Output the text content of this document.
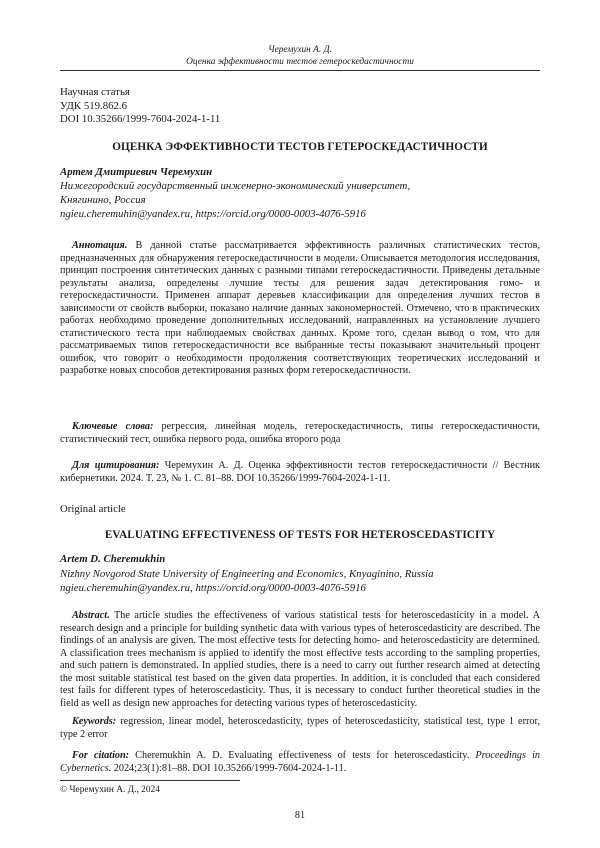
Черемухин А. Д.
Оценка эффективности тестов гетероскедастичности
Научная статья
УДК 519.862.6
DOI 10.35266/1999-7604-2024-1-11
ОЦЕНКА ЭФФЕКТИВНОСТИ ТЕСТОВ ГЕТЕРОСКЕДАСТИЧНОСТИ
Артем Дмитриевич Черемухин
Нижегородский государственный инженерно-экономический университет,
Княгинино, Россия
ngieu.cheremuhin@yandex.ru, https://orcid.org/0000-0003-4076-5916
Аннотация. В данной статье рассматривается эффективность различных статистических тестов, предназначенных для обнаружения гетероскедастичности в модели. Описывается методология исследования, принцип построения синтетических данных с разными типами гетероскедастичности. Приведены детальные результаты анализа, определены лучшие тесты для решения задач детектирования гомо- и гетероскедастичности. Применен аппарат деревьев классификации для определения лучших тестов в зависимости от свойств выборки, показано наличие данных закономерностей. Отмечено, что в практических работах необходимо проведение дополнительных исследований, направленных на установление лучшего статистического теста при наблюдаемых свойствах данных. Кроме того, сделан вывод о том, что для рассматриваемых типов гетероскедастичности все выбранные тесты показывают значительный процент ошибок, что говорит о необходимости продолжения соответствующих теоретических исследований и разработке новых способов детектирования разных форм гетероскедастичности.
Ключевые слова: регрессия, линейная модель, гетероскедастичность, типы гетероскедастичности, статистический тест, ошибка первого рода, ошибка второго рода
Для цитирования: Черемухин А. Д. Оценка эффективности тестов гетероскедастичности // Вестник кибернетики. 2024. Т. 23, № 1. С. 81–88. DOI 10.35266/1999-7604-2024-1-11.
Original article
EVALUATING EFFECTIVENESS OF TESTS FOR HETEROSCEDASTICITY
Artem D. Cheremukhin
Nizhny Novgorod State University of Engineering and Economics, Knyaginino, Russia
ngieu.cheremuhin@yandex.ru, https://orcid.org/0000-0003-4076-5916
Abstract. The article studies the effectiveness of various statistical tests for heteroscedasticity in a model. A research design and a principle for building synthetic data with various types of heteroscedasticity are described. The findings of an analysis are given. The most effective tests for detecting homo- and heteroscedasticity are determined. A classification trees mechanism is applied to identify the most effective tests according to the sampling properties, and such pattern is demonstrated. In applied studies, there is a need to carry out further research aimed at detecting the most suitable statistical test based on the given data properties. In addition, it is concluded that each considered test fails for different types of heteroscedasticity. Thus, it is necessary to conduct further theoretical studies in the field as well as design new approaches for detecting various types of heteroscedasticity.
Keywords: regression, linear model, heteroscedasticity, types of heteroscedasticity, statistical test, type 1 error, type 2 error
For citation: Cheremukhin A. D. Evaluating effectiveness of tests for heteroscedasticity. Proceedings in Cybernetics. 2024;23(1):81–88. DOI 10.35266/1999-7604-2024-1-11.
© Черемухин А. Д., 2024
81
